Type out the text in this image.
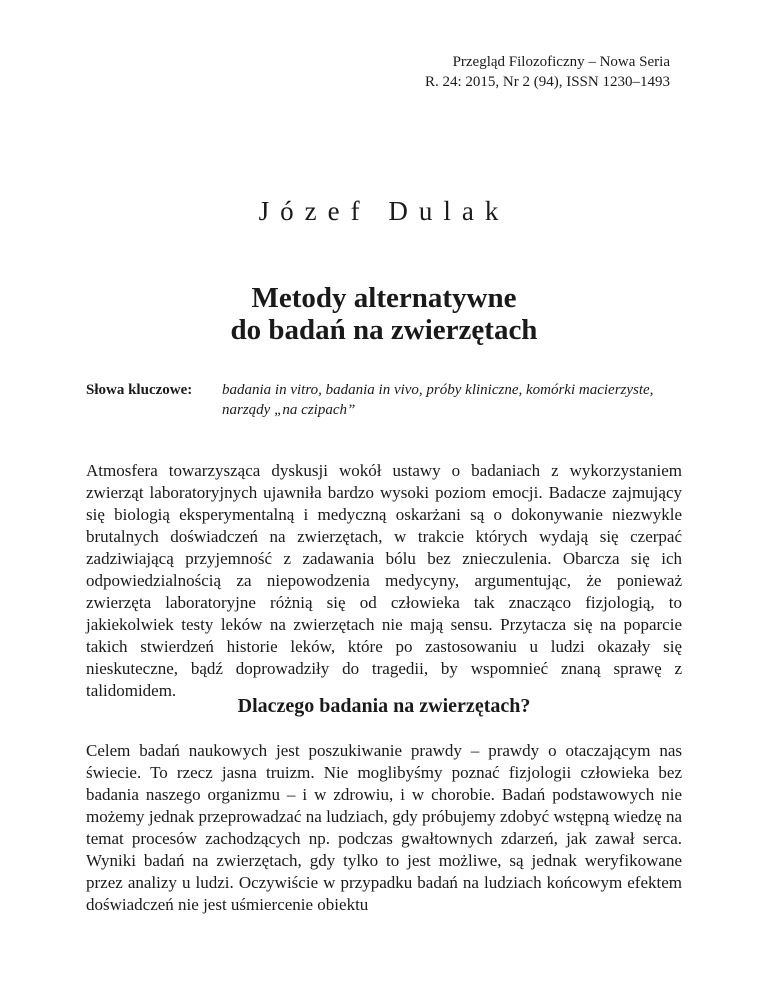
Przegląd Filozoficzny – Nowa Seria
R. 24: 2015, Nr 2 (94), ISSN 1230–1493
Józef Dulak
Metody alternatywne
do badań na zwierzętach
Słowa kluczowe: badania in vitro, badania in vivo, próby kliniczne, komórki macierzyste, narządy „na czipach”

Atmosfera towarzysząca dyskusji wokół ustawy o badaniach z wykorzystaniem zwierząt laboratoryjnych ujawniła bardzo wysoki poziom emocji. Badacze zajmujący się biologią eksperymentalną i medyczną oskarżani są o dokonywanie niezwykle brutalnych doświadczeń na zwierzętach, w trakcie których wydają się czerpać zadziwiającą przyjemność z zadawania bólu bez znieczulenia. Obarcza się ich odpowiedzialnością za niepowodzenia medycyny, argumentując, że ponieważ zwierzęta laboratoryjne różnią się od człowieka tak znacząco fizjologią, to jakiekolwiek testy leków na zwierzętach nie mają sensu. Przytacza się na poparcie takich stwierdzeń historie leków, które po zastosowaniu u ludzi okazały się nieskuteczne, bądź doprowadziły do tragedii, by wspomnieć znaną sprawę z talidomidem.

Dlaczego badania na zwierzętach?

Celem badań naukowych jest poszukiwanie prawdy – prawdy o otaczającym nas świecie. To rzecz jasna truizm. Nie moglibyśmy poznać fizjologii człowieka bez badania naszego organizmu – i w zdrowiu, i w chorobie. Badań podstawowych nie możemy jednak przeprowadzać na ludziach, gdy próbujemy zdobyć wstępną wiedzę na temat procesów zachodzących np. podczas gwałtownych zdarzeń, jak zawał serca. Wyniki badań na zwierzętach, gdy tylko to jest możliwe, są jednak weryfikowane przez analizy u ludzi. Oczywiście w przypadku badań na ludziach końcowym efektem doświadczeń nie jest uśmiercenie obiektu
